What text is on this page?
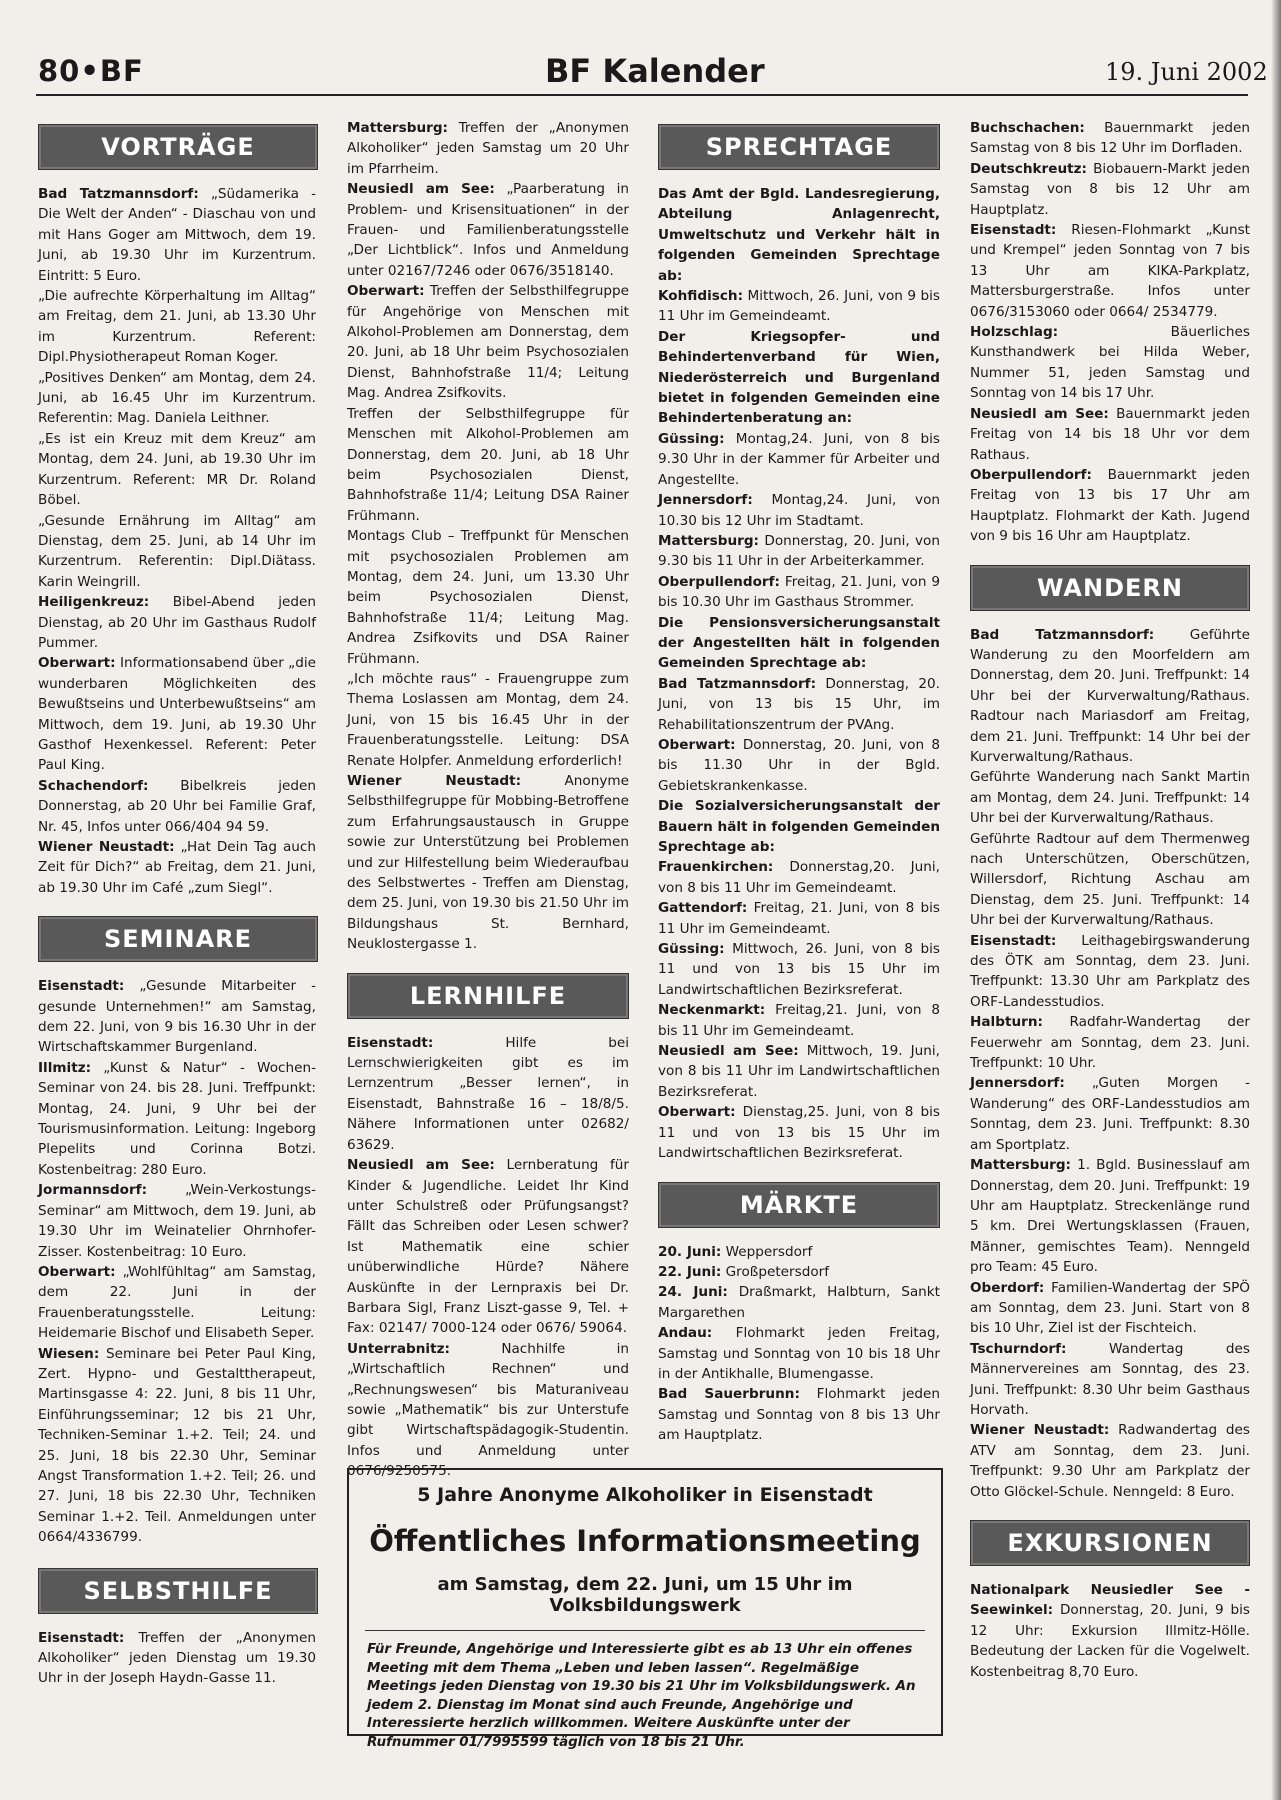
80•BF	BF Kalender	19. Juni 2002
VORTRÄGE

Bad Tatzmannsdorf: „Südamerika - Die Welt der Anden“ - Diaschau von und mit Hans Goger am Mittwoch, dem 19. Juni, ab 19.30 Uhr im Kurzentrum. Eintritt: 5 Euro.

„Die aufrechte Körperhaltung im Alltag“ am Freitag, dem 21. Juni, ab 13.30 Uhr im Kurzentrum. Referent: Dipl.Physiotherapeut Roman Koger.

„Positives Denken“ am Montag, dem 24. Juni, ab 16.45 Uhr im Kurzentrum. Referentin: Mag. Daniela Leithner.

„Es ist ein Kreuz mit dem Kreuz“ am Montag, dem 24. Juni, ab 19.30 Uhr im Kurzentrum. Referent: MR Dr. Roland Böbel.

„Gesunde Ernährung im Alltag“ am Dienstag, dem 25. Juni, ab 14 Uhr im Kurzentrum. Referentin: Dipl.Diätass. Karin Weingrill.

Heiligenkreuz: Bibel-Abend jeden Dienstag, ab 20 Uhr im Gasthaus Rudolf Pummer.

Oberwart: Informationsabend über „die wunderbaren Möglichkeiten des Bewußtseins und Unterbewußtseins“ am Mittwoch, dem 19. Juni, ab 19.30 Uhr Gasthof Hexenkessel. Referent: Peter Paul King.

Schachendorf: Bibelkreis jeden Donnerstag, ab 20 Uhr bei Familie Graf, Nr. 45, Infos unter 066/404 94 59.

Wiener Neustadt: „Hat Dein Tag auch Zeit für Dich?“ ab Freitag, dem 21. Juni, ab 19.30 Uhr im Café „zum Siegl“.

SEMINARE

Eisenstadt: „Gesunde Mitarbeiter - gesunde Unternehmen!“ am Samstag, dem 22. Juni, von 9 bis 16.30 Uhr in der Wirtschaftskammer Burgenland.

Illmitz: „Kunst & Natur“ - Wochen-Seminar von 24. bis 28. Juni. Treffpunkt: Montag, 24. Juni, 9 Uhr bei der Tourismusinformation. Leitung: Ingeborg Plepelits und Corinna Botzi. Kostenbeitrag: 280 Euro.

Jormannsdorf: „Wein-Verkostungs-Seminar“ am Mittwoch, dem 19. Juni, ab 19.30 Uhr im Weinatelier Ohrnhofer-Zisser. Kostenbeitrag: 10 Euro.

Oberwart: „Wohlfühltag“ am Samstag, dem 22. Juni in der Frauenberatungsstelle. Leitung: Heidemarie Bischof und Elisabeth Seper.

Wiesen: Seminare bei Peter Paul King, Zert. Hypno- und Gestalttherapeut, Martinsgasse 4: 22. Juni, 8 bis 11 Uhr, Einführungsseminar; 12 bis 21 Uhr, Techniken-Seminar 1.+2. Teil; 24. und 25. Juni, 18 bis 22.30 Uhr, Seminar Angst Transformation 1.+2. Teil; 26. und 27. Juni, 18 bis 22.30 Uhr, Techniken Seminar 1.+2. Teil. Anmeldungen unter 0664/4336799.

SELBSTHILFE

Eisenstadt: Treffen der „Anonymen Alkoholiker“ jeden Dienstag um 19.30 Uhr in der Joseph Haydn-Gasse 11.

Mattersburg: Treffen der „Anonymen Alkoholiker“ jeden Samstag um 20 Uhr im Pfarrheim.

Neusiedl am See: „Paarberatung in Problem- und Krisensituationen“ in der Frauen- und Familienberatungsstelle „Der Lichtblick“. Infos und Anmeldung unter 02167/7246 oder 0676/3518140.

Oberwart: Treffen der Selbsthilfegruppe für Angehörige von Menschen mit Alkohol-Problemen am Donnerstag, dem 20. Juni, ab 18 Uhr beim Psychosozialen Dienst, Bahnhofstraße 11/4; Leitung Mag. Andrea Zsifkovits.

Treffen der Selbsthilfegruppe für Menschen mit Alkohol-Problemen am Donnerstag, dem 20. Juni, ab 18 Uhr beim Psychosozialen Dienst, Bahnhofstraße 11/4; Leitung DSA Rainer Frühmann.

Montags Club – Treffpunkt für Menschen mit psychosozialen Problemen am Montag, dem 24. Juni, um 13.30 Uhr beim Psychosozialen Dienst, Bahnhofstraße 11/4; Leitung Mag. Andrea Zsifkovits und DSA Rainer Frühmann.

„Ich möchte raus“ - Frauengruppe zum Thema Loslassen am Montag, dem 24. Juni, von 15 bis 16.45 Uhr in der Frauenberatungsstelle. Leitung: DSA Renate Holpfer. Anmeldung erforderlich!

Wiener Neustadt: Anonyme Selbsthilfegruppe für Mobbing-Betroffene zum Erfahrungsaustausch in Gruppe sowie zur Unterstützung bei Problemen und zur Hilfestellung beim Wiederaufbau des Selbstwertes - Treffen am Dienstag, dem 25. Juni, von 19.30 bis 21.50 Uhr im Bildungshaus St. Bernhard, Neuklostergasse 1.

LERNHILFE

Eisenstadt: Hilfe bei Lernschwierigkeiten gibt es im Lernzentrum „Besser lernen“, in Eisenstadt, Bahnstraße 16 – 18/8/5. Nähere Informationen unter 02682/ 63629.

Neusiedl am See: Lernberatung für Kinder & Jugendliche. Leidet Ihr Kind unter Schulstreß oder Prüfungsangst? Fällt das Schreiben oder Lesen schwer? Ist Mathematik eine schier unüberwindliche Hürde? Nähere Auskünfte in der Lernpraxis bei Dr. Barbara Sigl, Franz Liszt-gasse 9, Tel. + Fax: 02147/ 7000-124 oder 0676/ 59064.

Unterrabnitz: Nachhilfe in „Wirtschaftlich Rechnen“ und „Rechnungswesen“ bis Maturaniveau sowie „Mathematik“ bis zur Unterstufe gibt Wirtschaftspädagogik-Studentin. Infos und Anmeldung unter 0676/9250575.

SPRECHTAGE

Das Amt der Bgld. Landesregierung, Abteilung Anlagenrecht, Umweltschutz und Verkehr hält in folgenden Gemeinden Sprechtage ab:

Kohfidisch: Mittwoch, 26. Juni, von 9 bis 11 Uhr im Gemeindeamt.

Der Kriegsopfer- und Behindertenverband für Wien, Niederösterreich und Burgenland bietet in folgenden Gemeinden eine Behindertenberatung an:

Güssing: Montag,24. Juni, von 8 bis 9.30 Uhr in der Kammer für Arbeiter und Angestellte.

Jennersdorf: Montag,24. Juni, von 10.30 bis 12 Uhr im Stadtamt.

Mattersburg: Donnerstag, 20. Juni, von 9.30 bis 11 Uhr in der Arbeiterkammer.

Oberpullendorf: Freitag, 21. Juni, von 9 bis 10.30 Uhr im Gasthaus Strommer.

Die Pensionsversicherungsanstalt der Angestellten hält in folgenden Gemeinden Sprechtage ab:

Bad Tatzmannsdorf: Donnerstag, 20. Juni, von 13 bis 15 Uhr, im Rehabilitationszentrum der PVAng.

Oberwart: Donnerstag, 20. Juni, von 8 bis 11.30 Uhr in der Bgld. Gebietskrankenkasse.

Die Sozialversicherungsanstalt der Bauern hält in folgenden Gemeinden Sprechtage ab:

Frauenkirchen: Donnerstag,20. Juni, von 8 bis 11 Uhr im Gemeindeamt.

Gattendorf: Freitag, 21. Juni, von 8 bis 11 Uhr im Gemeindeamt.

Güssing: Mittwoch, 26. Juni, von 8 bis 11 und von 13 bis 15 Uhr im Landwirtschaftlichen Bezirksreferat.

Neckenmarkt: Freitag,21. Juni, von 8 bis 11 Uhr im Gemeindeamt.

Neusiedl am See: Mittwoch, 19. Juni, von 8 bis 11 Uhr im Landwirtschaftlichen Bezirksreferat.

Oberwart: Dienstag,25. Juni, von 8 bis 11 und von 13 bis 15 Uhr im Landwirtschaftlichen Bezirksreferat.

MÄRKTE

20. Juni: Weppersdorf

22. Juni: Großpetersdorf

24. Juni: Draßmarkt, Halbturn, Sankt Margarethen

Andau: Flohmarkt jeden Freitag, Samstag und Sonntag von 10 bis 18 Uhr in der Antikhalle, Blumengasse.

Bad Sauerbrunn: Flohmarkt jeden Samstag und Sonntag von 8 bis 13 Uhr am Hauptplatz.

Buchschachen: Bauernmarkt jeden Samstag von 8 bis 12 Uhr im Dorfladen.

Deutschkreutz: Biobauern-Markt jeden Samstag von 8 bis 12 Uhr am Hauptplatz.

Eisenstadt: Riesen-Flohmarkt „Kunst und Krempel“ jeden Sonntag von 7 bis 13 Uhr am KIKA-Parkplatz, Mattersburgerstraße. Infos unter 0676/3153060 oder 0664/ 2534779.

Holzschlag: Bäuerliches Kunsthandwerk bei Hilda Weber, Nummer 51, jeden Samstag und Sonntag von 14 bis 17 Uhr.

Neusiedl am See: Bauernmarkt jeden Freitag von 14 bis 18 Uhr vor dem Rathaus.

Oberpullendorf: Bauernmarkt jeden Freitag von 13 bis 17 Uhr am Hauptplatz. Flohmarkt der Kath. Jugend von 9 bis 16 Uhr am Hauptplatz.

WANDERN

Bad Tatzmannsdorf: Geführte Wanderung zu den Moorfeldern am Donnerstag, dem 20. Juni. Treffpunkt: 14 Uhr bei der Kurverwaltung/Rathaus. Radtour nach Mariasdorf am Freitag, dem 21. Juni. Treffpunkt: 14 Uhr bei der Kurverwaltung/Rathaus.

Geführte Wanderung nach Sankt Martin am Montag, dem 24. Juni. Treffpunkt: 14 Uhr bei der Kurverwaltung/Rathaus.

Geführte Radtour auf dem Thermenweg nach Unterschützen, Oberschützen, Willersdorf, Richtung Aschau am Dienstag, dem 25. Juni. Treffpunkt: 14 Uhr bei der Kurverwaltung/Rathaus.

Eisenstadt: Leithagebirgswanderung des ÖTK am Sonntag, dem 23. Juni. Treffpunkt: 13.30 Uhr am Parkplatz des ORF-Landesstudios.

Halbturn: Radfahr-Wandertag der Feuerwehr am Sonntag, dem 23. Juni. Treffpunkt: 10 Uhr.

Jennersdorf: „Guten Morgen - Wanderung“ des ORF-Landesstudios am Sonntag, dem 23. Juni. Treffpunkt: 8.30 am Sportplatz.

Mattersburg: 1. Bgld. Businesslauf am Donnerstag, dem 20. Juni. Treffpunkt: 19 Uhr am Hauptplatz. Streckenlänge rund 5 km. Drei Wertungsklassen (Frauen, Männer, gemischtes Team). Nenngeld pro Team: 45 Euro.

Oberdorf: Familien-Wandertag der SPÖ am Sonntag, dem 23. Juni. Start von 8 bis 10 Uhr, Ziel ist der Fischteich.

Tschurndorf: Wandertag des Männervereines am Sonntag, des 23. Juni. Treffpunkt: 8.30 Uhr beim Gasthaus Horvath.

Wiener Neustadt: Radwandertag des ATV am Sonntag, dem 23. Juni. Treffpunkt: 9.30 Uhr am Parkplatz der Otto Glöckel-Schule. Nenngeld: 8 Euro.

EXKURSIONEN

Nationalpark Neusiedler See - Seewinkel: Donnerstag, 20. Juni, 9 bis 12 Uhr: Exkursion Illmitz-Hölle. Bedeutung der Lacken für die Vogelwelt. Kostenbeitrag 8,70 Euro.

5 Jahre Anonyme Alkoholiker in Eisenstadt
Öffentliches Informationsmeeting
am Samstag, dem 22. Juni, um 15 Uhr im Volksbildungswerk
Für Freunde, Angehörige und Interessierte gibt es ab 13 Uhr ein offenes Meeting mit dem Thema „Leben und leben lassen“. Regelmäßige Meetings jeden Dienstag von 19.30 bis 21 Uhr im Volksbildungswerk. An jedem 2. Dienstag im Monat sind auch Freunde, Angehörige und Interessierte herzlich willkommen. Weitere Auskünfte unter der Rufnummer 01/7995599 täglich von 18 bis 21 Uhr.
